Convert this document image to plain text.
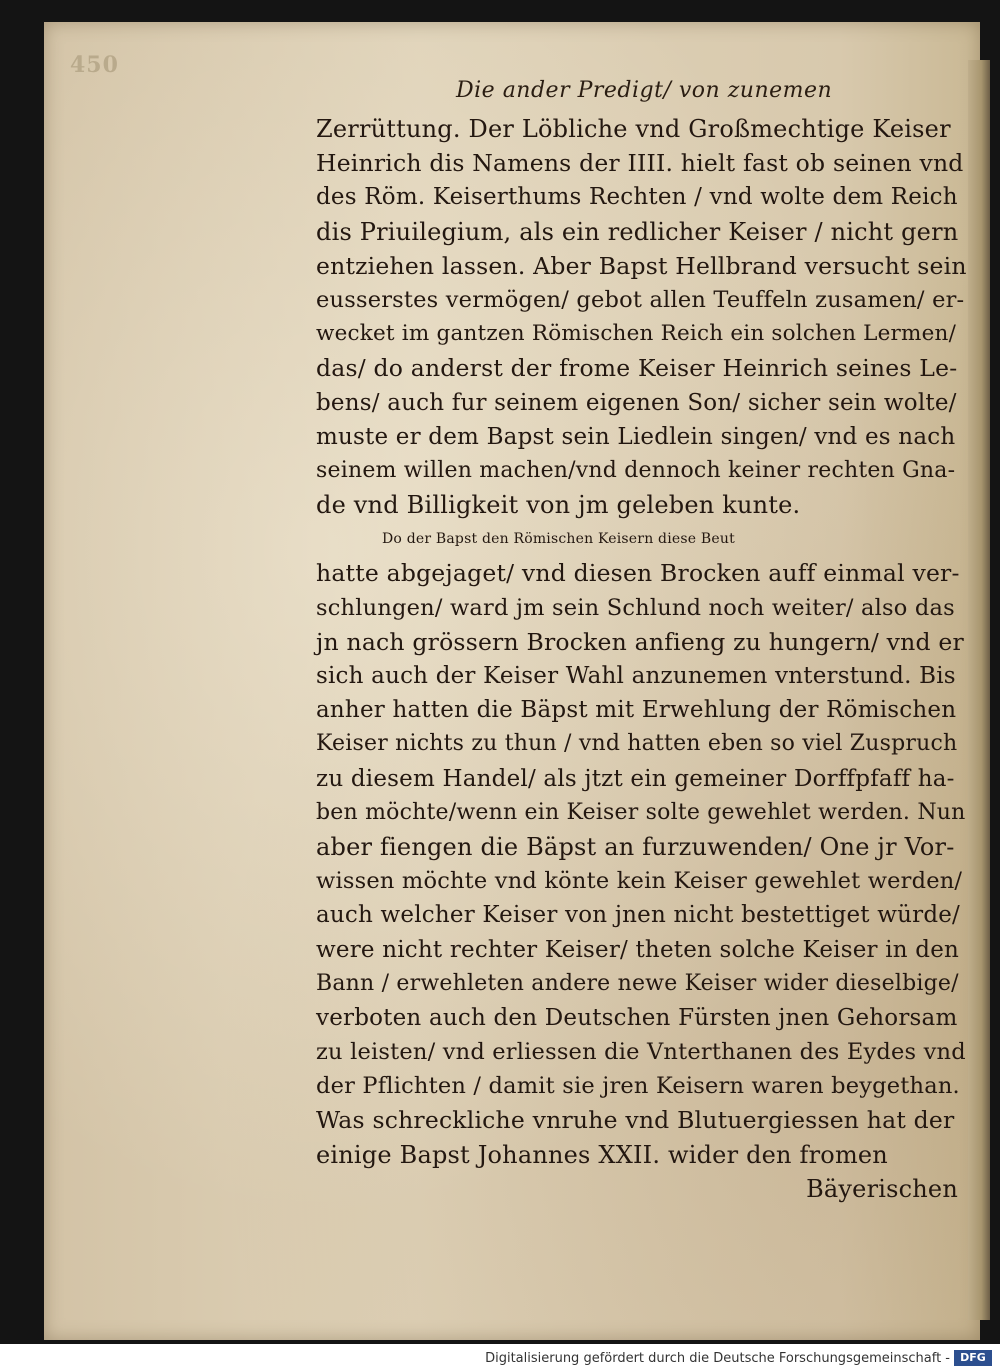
450
Die ander Predigt/ von zunemen
Zerrüttung. Der Löbliche vnd Großmechtige Keiser
Heinrich dis Namens der IIII. hielt fast ob seinen vnd
des Röm. Keiserthums Rechten / vnd wolte dem Reich
dis Priuilegium, als ein redlicher Keiser / nicht gern
entziehen lassen. Aber Bapst Hellbrand versucht sein
eusserstes vermögen/ gebot allen Teuffeln zusamen/ er-
wecket im gantzen Römischen Reich ein solchen Lermen/
das/ do anderst der frome Keiser Heinrich seines Le-
bens/ auch fur seinem eigenen Son/ sicher sein wolte/
muste er dem Bapst sein Liedlein singen/ vnd es nach
seinem willen machen/vnd dennoch keiner rechten Gna-
de vnd Billigkeit von jm geleben kunte.
Do der Bapst den Römischen Keisern diese Beut
hatte abgejaget/ vnd diesen Brocken auff einmal ver-
schlungen/ ward jm sein Schlund noch weiter/ also das
jn nach grössern Brocken anfieng zu hungern/ vnd er
sich auch der Keiser Wahl anzunemen vnterstund. Bis
anher hatten die Bäpst mit Erwehlung der Römischen
Keiser nichts zu thun / vnd hatten eben so viel Zuspruch
zu diesem Handel/ als jtzt ein gemeiner Dorffpfaff ha-
ben möchte/wenn ein Keiser solte gewehlet werden. Nun
aber fiengen die Bäpst an furzuwenden/ One jr Vor-
wissen möchte vnd könte kein Keiser gewehlet werden/
auch welcher Keiser von jnen nicht bestettiget würde/
were nicht rechter Keiser/ theten solche Keiser in den
Bann / erwehleten andere newe Keiser wider dieselbige/
verboten auch den Deutschen Fürsten jnen Gehorsam
zu leisten/ vnd erliessen die Vnterthanen des Eydes vnd
der Pflichten / damit sie jren Keisern waren beygethan.
Was schreckliche vnruhe vnd Blutuergiessen hat der
einige Bapst Johannes XXII. wider den fromen
Bäyerischen
Digitalisierung gefördert durch die Deutsche Forschungsgemeinschaft - DFG
